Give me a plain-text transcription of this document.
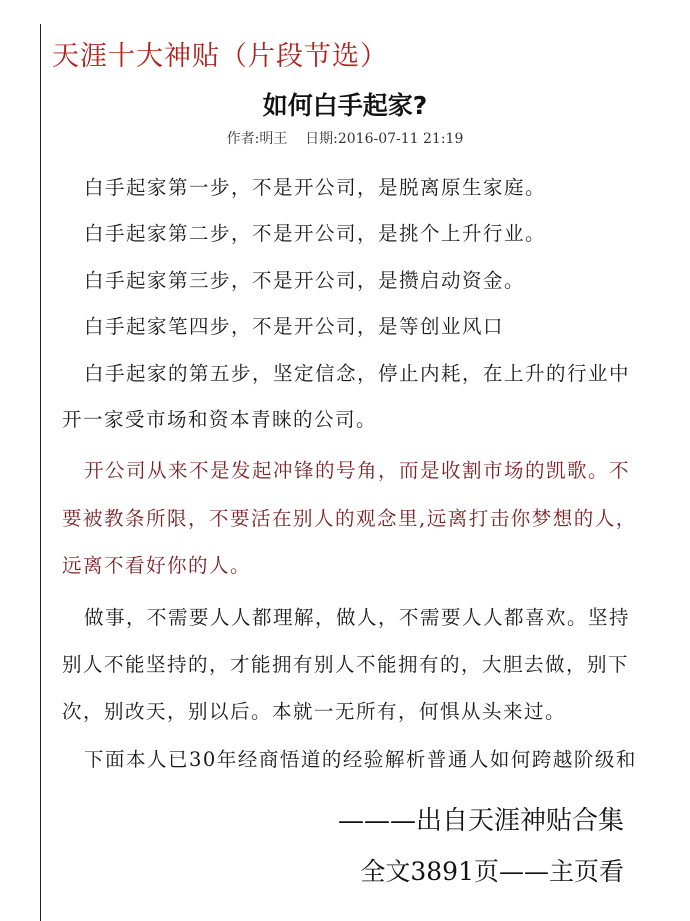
天涯十大神贴（片段节选）
如何白手起家?
作者:明王    日期:2016-07-11 21:19
白手起家第一步，不是开公司，是脱离原生家庭。
白手起家第二步，不是开公司，是挑个上升行业。
白手起家第三步，不是开公司，是攒启动资金。
白手起家笔四步，不是开公司，是等创业风口
白手起家的第五步，坚定信念，停止内耗，在上升的行业中
开一家受市场和资本青睐的公司。
开公司从来不是发起冲锋的号角，而是收割市场的凯歌。不
要被教条所限，不要活在别人的观念里,远离打击你梦想的人，
远离不看好你的人。
做事，不需要人人都理解，做人，不需要人人都喜欢。坚持
别人不能坚持的，才能拥有别人不能拥有的，大胆去做，别下
次，别改天，别以后。本就一无所有，何惧从头来过。
下面本人已30年经商悟道的经验解析普通人如何跨越阶级和
———出自天涯神贴合集
全文3891页——主页看
